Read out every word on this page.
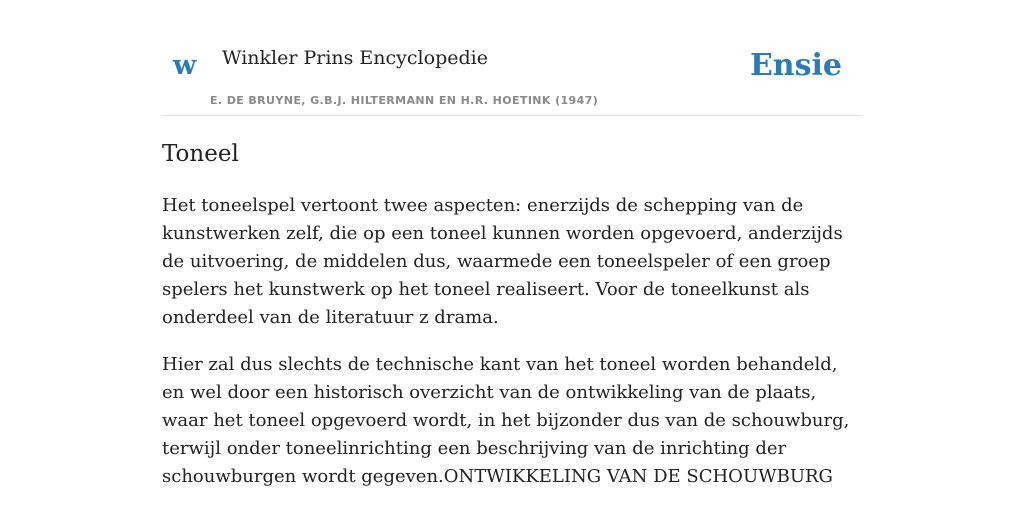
w Winkler Prins Encyclopedie
E. DE BRUYNE, G.B.J. HILTERMANN EN H.R. HOETINK (1947)
Ensie
Toneel

Het toneelspel vertoont twee aspecten: enerzijds de schepping van de kunstwerken zelf, die op een toneel kunnen worden opgevoerd, anderzijds de uitvoering, de middelen dus, waarmede een toneelspeler of een groep spelers het kunstwerk op het toneel realiseert. Voor de toneelkunst als onderdeel van de literatuur z drama.

Hier zal dus slechts de technische kant van het toneel worden behandeld, en wel door een historisch overzicht van de ontwikkeling van de plaats, waar het toneel opgevoerd wordt, in het bijzonder dus van de schouwburg, terwijl onder toneelinrichting een beschrijving van de inrichting der schouwburgen wordt gegeven.ONTWIKKELING VAN DE SCHOUWBURG
